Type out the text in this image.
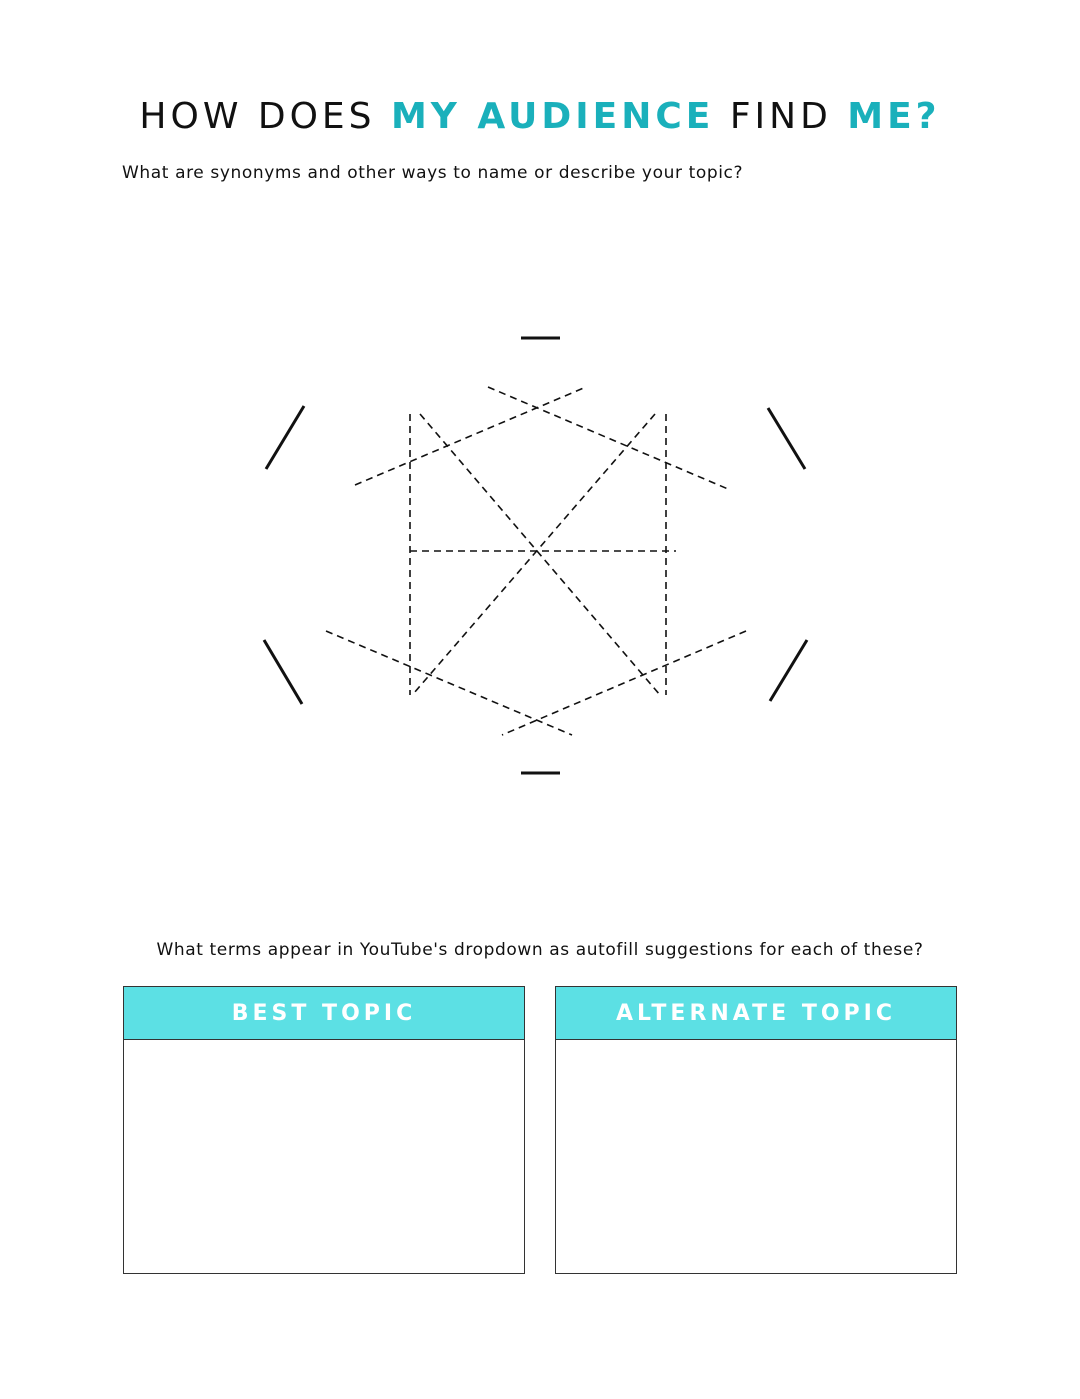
HOW DOES MY AUDIENCE FIND ME?
What are synonyms and other ways to name or describe your topic?
What terms appear in YouTube's dropdown as autofill suggestions for each of these?
BEST TOPIC	ALTERNATE TOPIC
